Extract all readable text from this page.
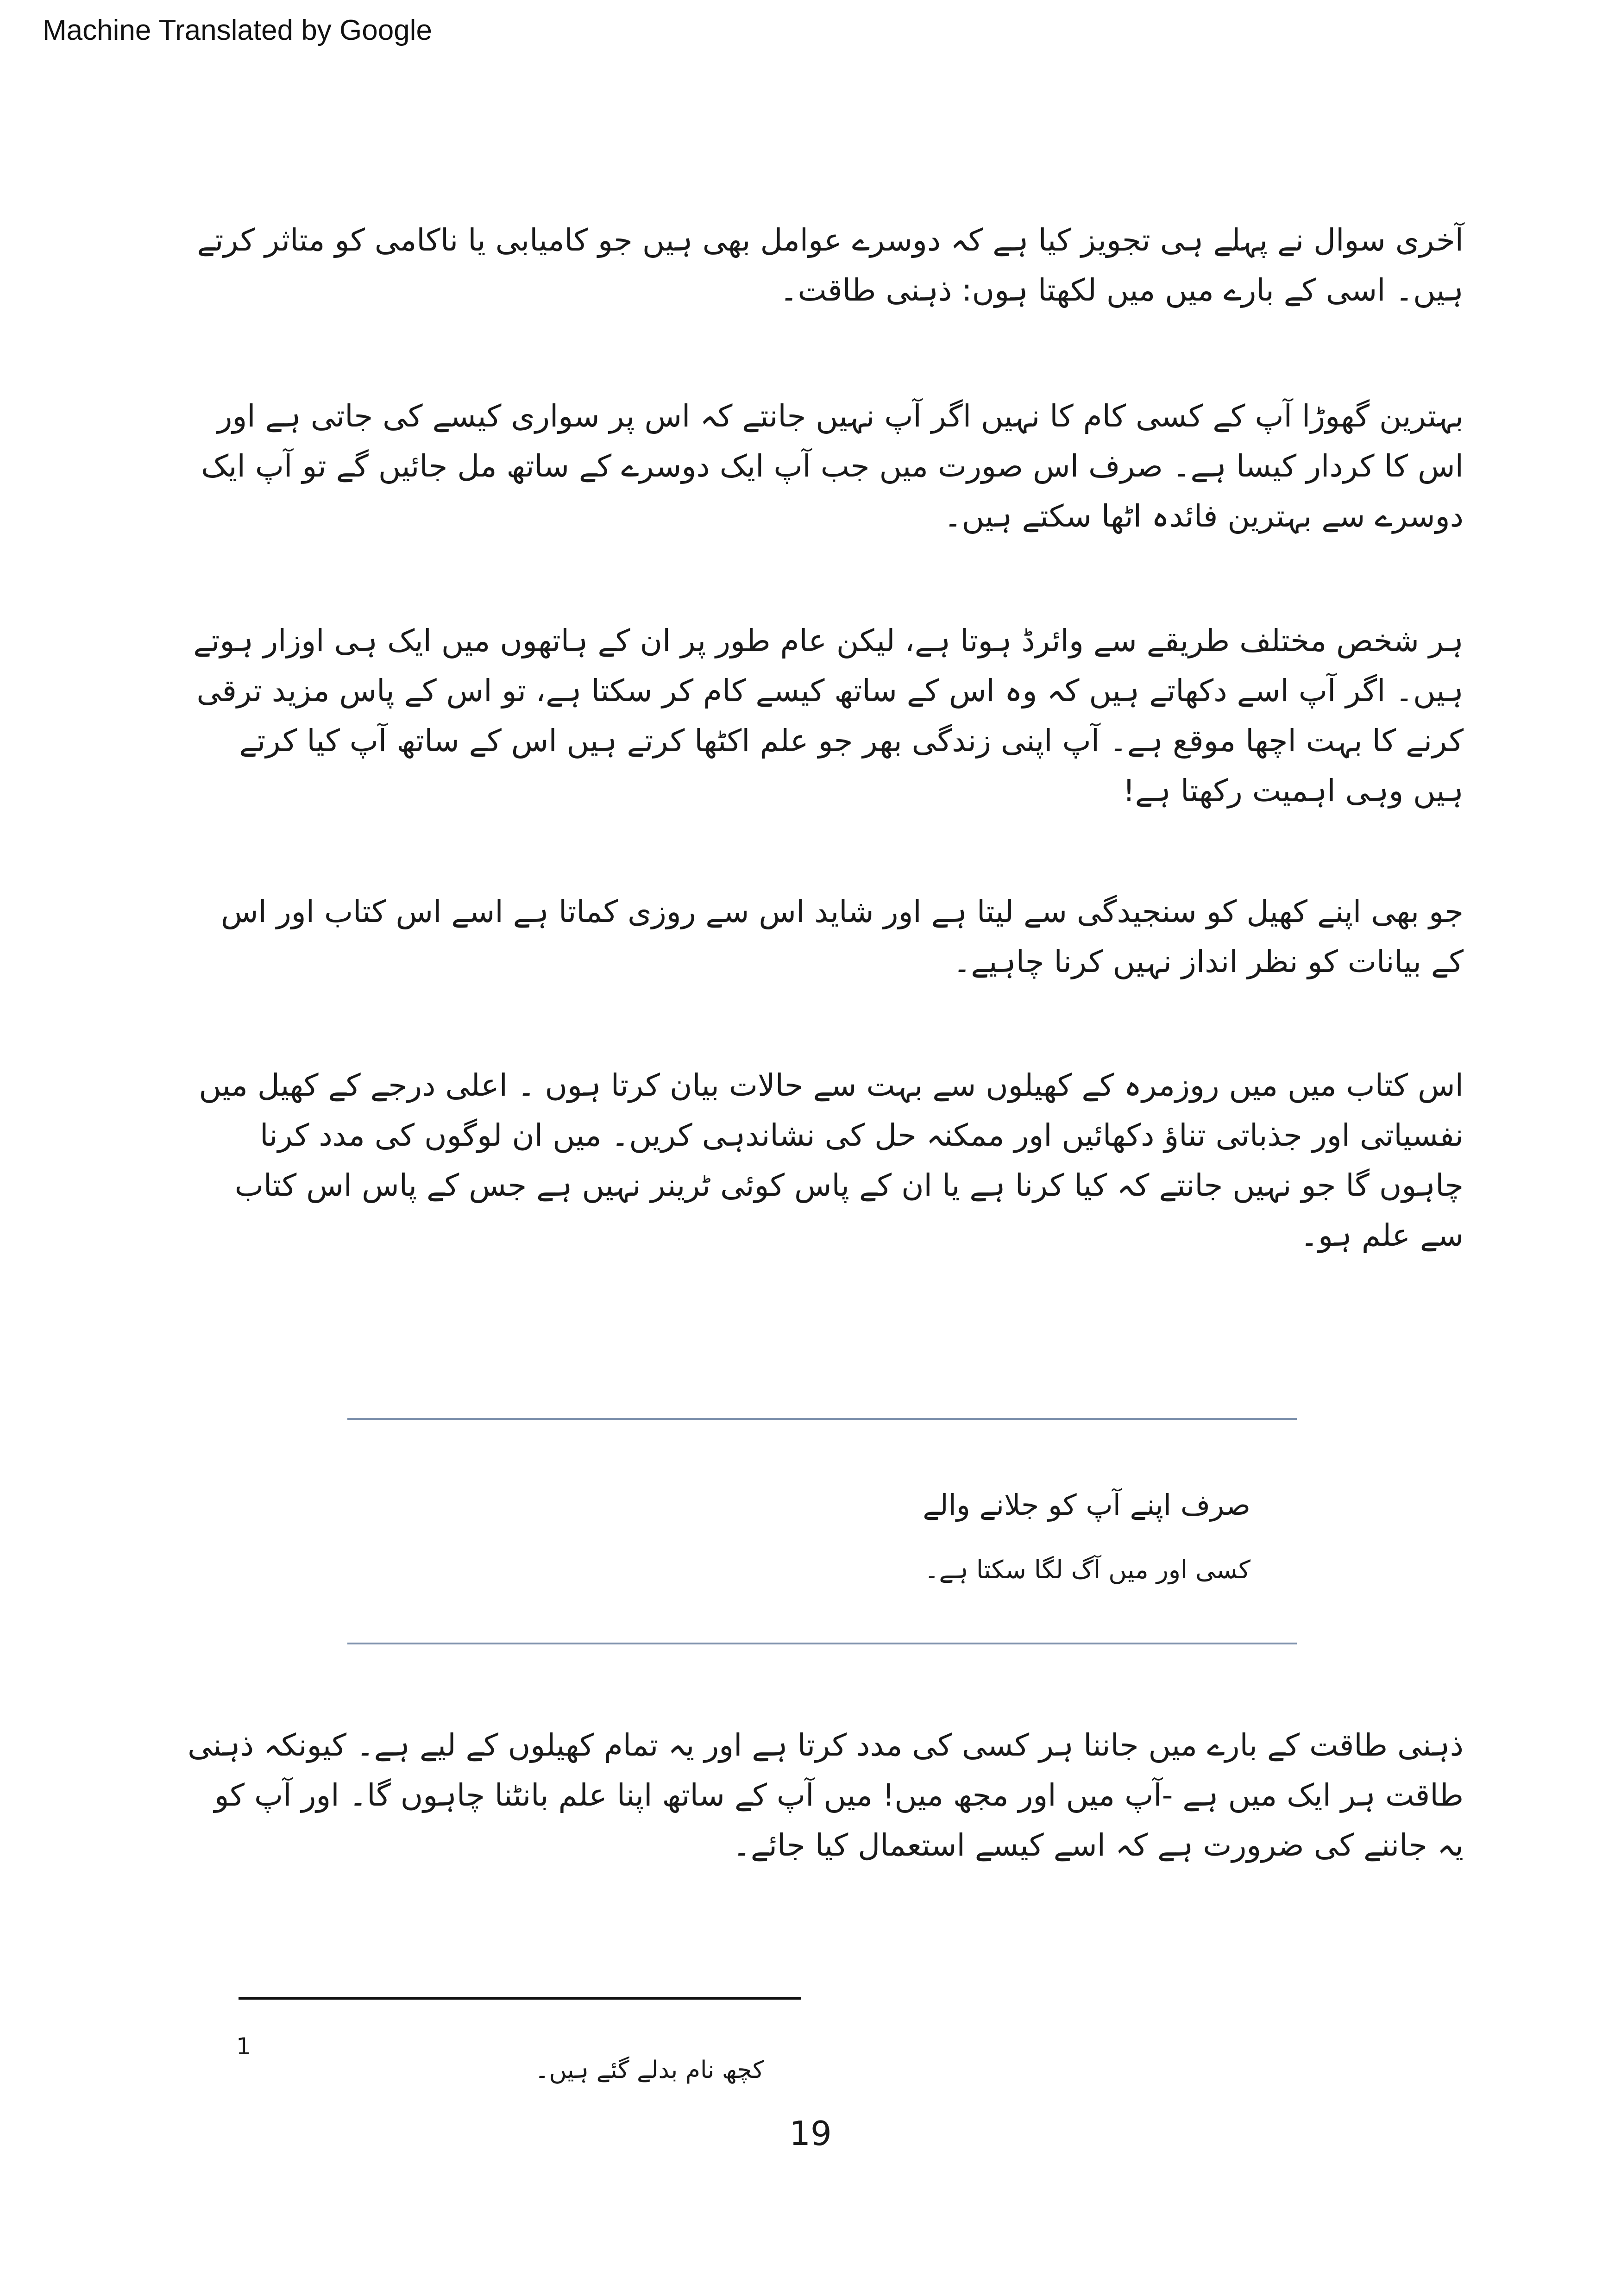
Machine Translated by Google

آخری سوال نے پہلے ہی تجویز کیا ہے کہ دوسرے عوامل بھی ہیں جو کامیابی یا ناکامی کو متاثر کرتے ہیں۔ اسی کے بارے میں میں لکھتا ہوں: ذہنی طاقت۔

بہترین گھوڑا آپ کے کسی کام کا نہیں اگر آپ نہیں جانتے کہ اس پر سواری کیسے کی جاتی ہے اور اس کا کردار کیسا ہے۔ صرف اس صورت میں جب آپ ایک دوسرے کے ساتھ مل جائیں گے تو آپ ایک دوسرے سے بہترین فائدہ اٹھا سکتے ہیں۔

ہر شخص مختلف طریقے سے وائرڈ ہوتا ہے، لیکن عام طور پر ان کے ہاتھوں میں ایک ہی اوزار ہوتے ہیں۔ اگر آپ اسے دکھاتے ہیں کہ وہ اس کے ساتھ کیسے کام کر سکتا ہے، تو اس کے پاس مزید ترقی کرنے کا بہت اچھا موقع ہے۔ آپ اپنی زندگی بھر جو علم اکٹھا کرتے ہیں اس کے ساتھ آپ کیا کرتے ہیں وہی اہمیت رکھتا ہے!

جو بھی اپنے کھیل کو سنجیدگی سے لیتا ہے اور شاید اس سے روزی کماتا ہے اسے اس کتاب اور اس کے بیانات کو نظر انداز نہیں کرنا چاہیے۔

اس کتاب میں میں روزمرہ کے کھیلوں سے بہت سے حالات بیان کرتا ہوں ۔ اعلی درجے کے کھیل میں نفسیاتی اور جذباتی تناؤ دکھائیں اور ممکنہ حل کی نشاندہی کریں۔ میں ان لوگوں کی مدد کرنا چاہوں گا جو نہیں جانتے کہ کیا کرنا ہے یا ان کے پاس کوئی ٹرینر نہیں ہے جس کے پاس اس کتاب سے علم ہو۔

صرف اپنے آپ کو جلانے والے

کسی اور میں آگ لگا سکتا ہے۔

ذہنی طاقت کے بارے میں جاننا ہر کسی کی مدد کرتا ہے اور یہ تمام کھیلوں کے لیے ہے۔ کیونکہ ذہنی طاقت ہر ایک میں ہے -آپ میں اور مجھ میں! میں آپ کے ساتھ اپنا علم بانٹنا چاہوں گا۔ اور آپ کو یہ جاننے کی ضرورت ہے کہ اسے کیسے استعمال کیا جائے۔

1
کچھ نام بدلے گئے ہیں۔
19
